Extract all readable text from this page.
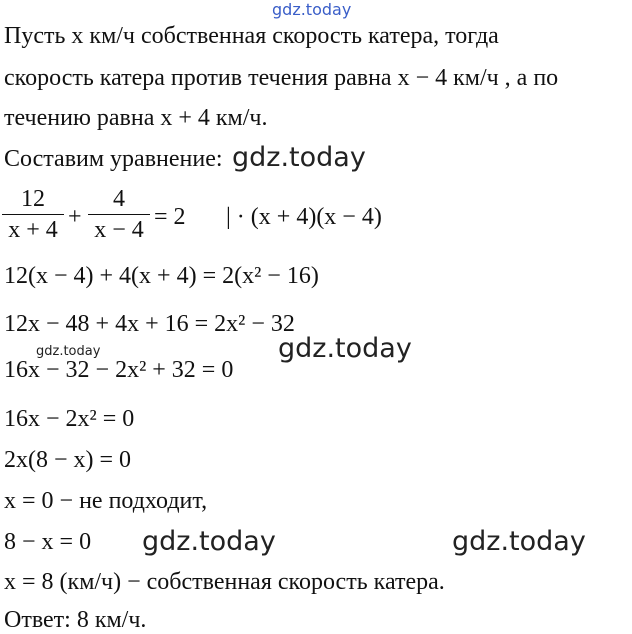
gdz.today
Пусть x км/ч собственная скорость катера, тогда
скорость катера против течения равна x − 4 км/ч , а по
течению равна x + 4 км/ч.
Составим уравнение: gdz.today
12
x + 4 +
4
x − 4 = 2 | · (x + 4)(x − 4)
12(x − 4) + 4(x + 4) = 2(x² − 16)
12x − 48 + 4x + 16 = 2x² − 32
gdz.today	gdz.today
16x − 32 − 2x² + 32 = 0
16x − 2x² = 0
2x(8 − x) = 0
x = 0 − не подходит,
8 − x = 0 gdz.today	gdz.today
x = 8 (км/ч) − собственная скорость катера.
Ответ: 8 км/ч.
